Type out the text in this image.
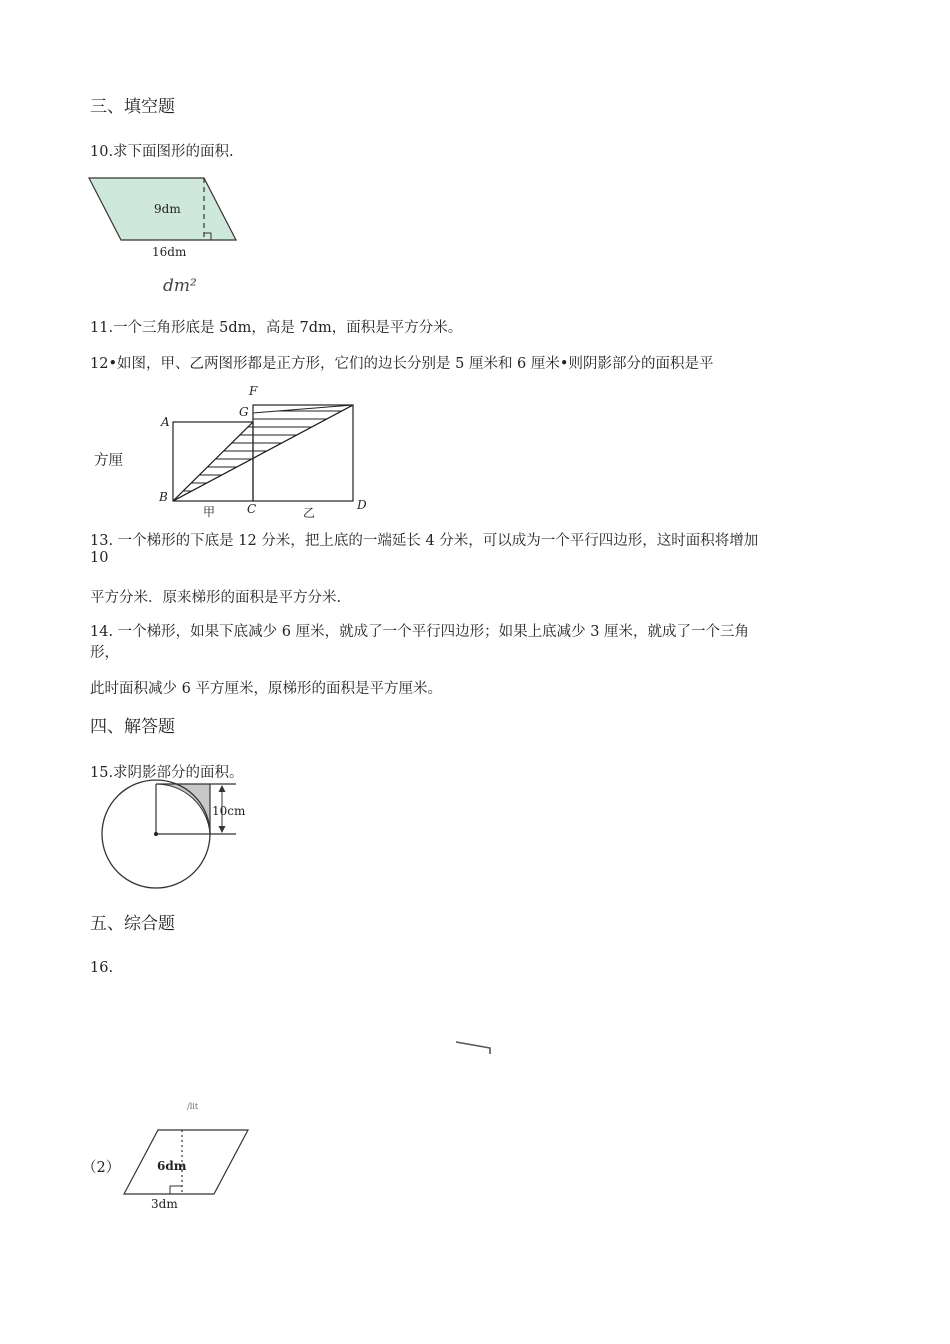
三、填空题
10.求下面图形的面积.
9dm
16dm
dm²
11.一个三角形底是 5dm，高是 7dm，面积是平方分米。
12•如图，甲、乙两图形都是正方形，它们的边长分别是 5 厘米和 6 厘米•则阴影部分的面积是平
方厘
A
B
C	D
F
G
甲	乙
13. 一个梯形的下底是 12 分米，把上底的一端延长 4 分米，可以成为一个平行四边形，这时面积将增加
10
平方分米．原来梯形的面积是平方分米.
14. 一个梯形，如果下底减少 6 厘米，就成了一个平行四边形；如果上底减少 3 厘米，就成了一个三角
形，
此时面积减少 6 平方厘米，原梯形的面积是平方厘米。
四、解答题
15.求阴影部分的面积。
10cm
五、综合题
16.
/lit
（2）	6dm
3dm
